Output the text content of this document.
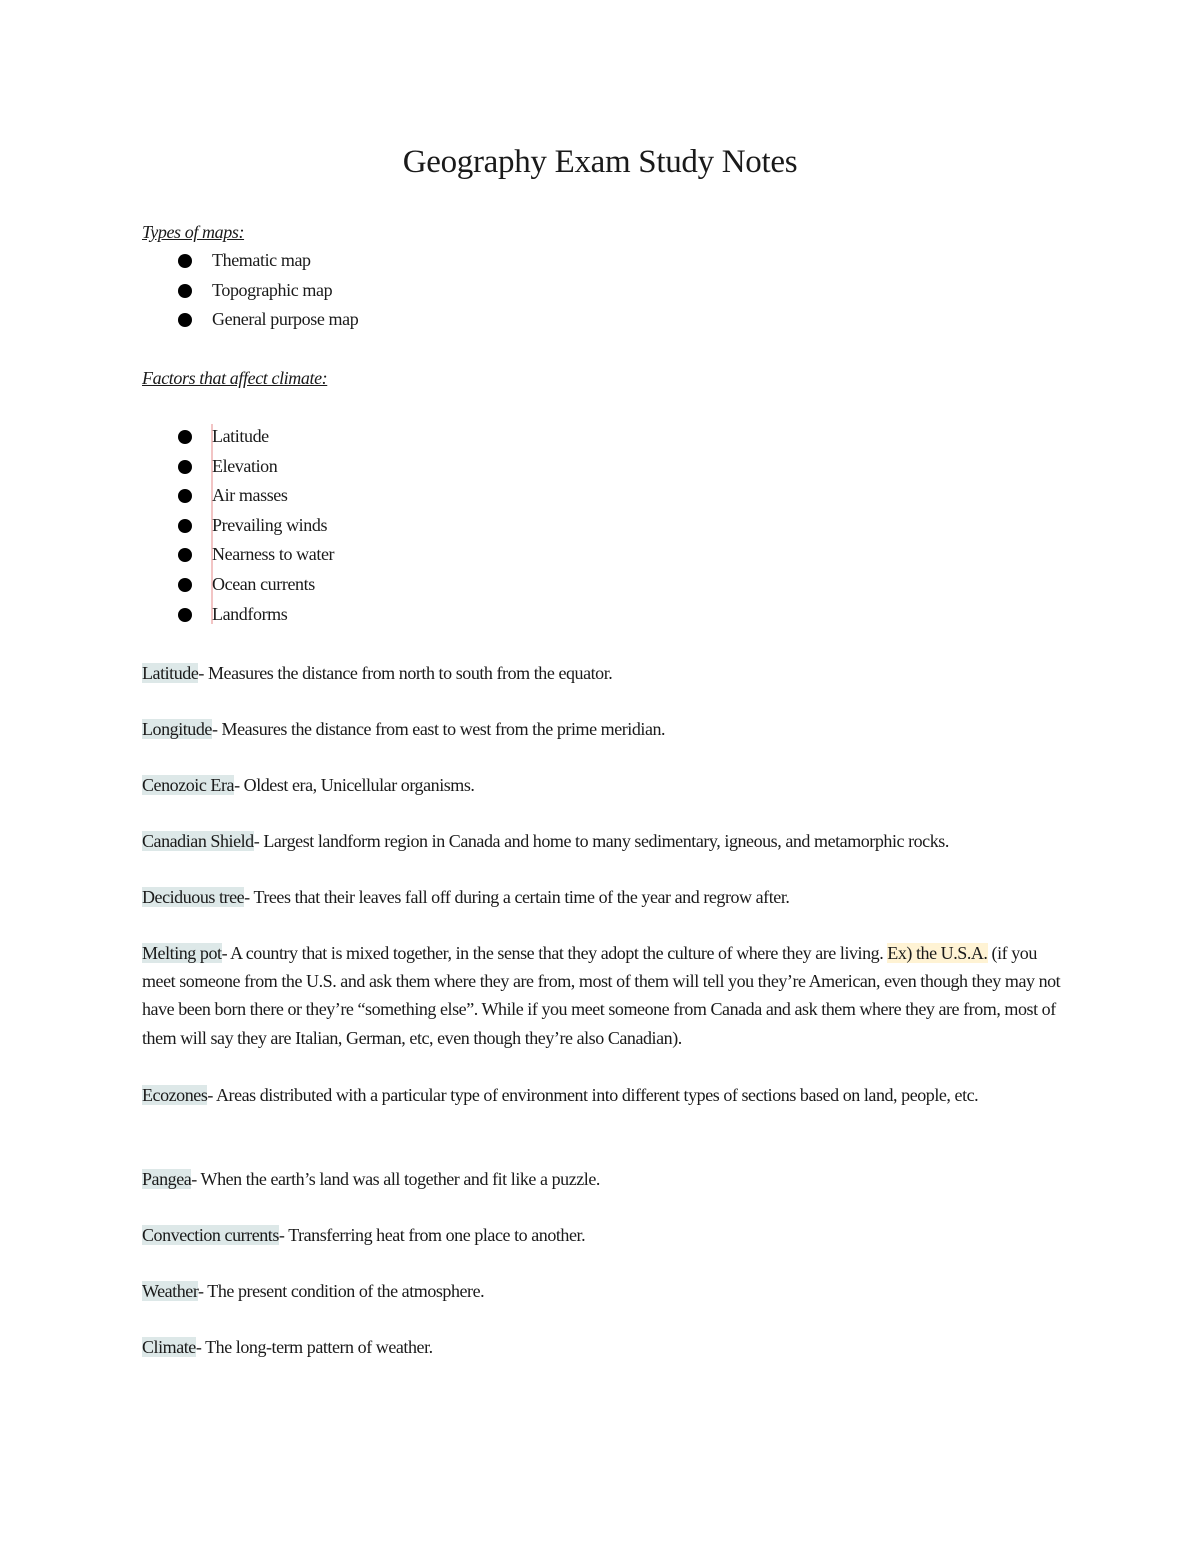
Geography Exam Study Notes

Types of maps:

Thematic map
Topographic map
General purpose map

Factors that affect climate:

Latitude
Elevation
Air masses
Prevailing winds
Nearness to water
Ocean currents
Landforms

Latitude- Measures the distance from north to south from the equator.

Longitude- Measures the distance from east to west from the prime meridian.

Cenozoic Era- Oldest era, Unicellular organisms.

Canadian Shield- Largest landform region in Canada and home to many sedimentary, igneous, and metamorphic rocks.

Deciduous tree- Trees that their leaves fall off during a certain time of the year and regrow after.

Melting pot- A country that is mixed together, in the sense that they adopt the culture of where they are living. Ex) the U.S.A. (if you meet someone from the U.S. and ask them where they are from, most of them will tell you they’re American, even though they may not have been born there or they’re “something else”. While if you meet someone from Canada and ask them where they are from, most of them will say they are Italian, German, etc, even though they’re also Canadian).

Ecozones- Areas distributed with a particular type of environment into different types of sections based on land, people, etc.

Pangea- When the earth’s land was all together and fit like a puzzle.

Convection currents- Transferring heat from one place to another.

Weather- The present condition of the atmosphere.

Climate- The long-term pattern of weather.
